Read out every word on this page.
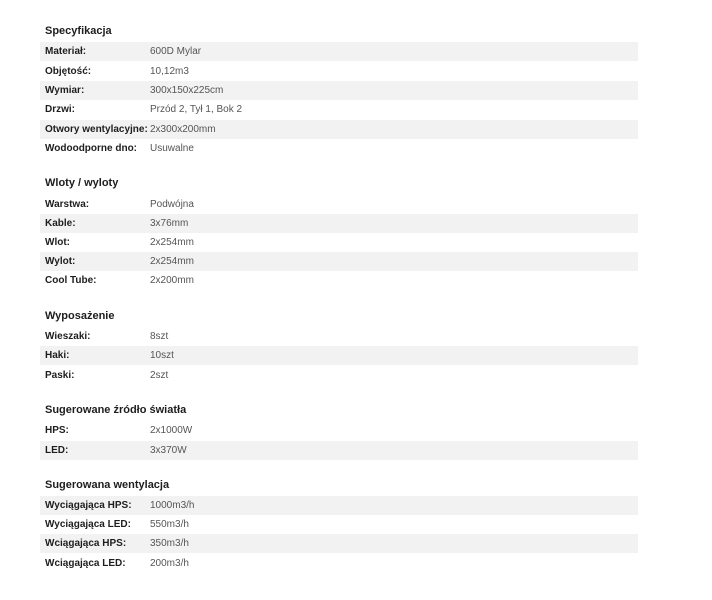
Specyfikacja
Materiał:	600D Mylar
Objętość:	10,12m3
Wymiar:	300x150x225cm
Drzwi:	Przód 2, Tył 1, Bok 2
Otwory wentylacyjne: 2x300x200mm
Wodoodporne dno: Usuwalne
Wloty / wyloty
Warstwa:	Podwójna
Kable:	3x76mm
Wlot:	2x254mm
Wylot:	2x254mm
Cool Tube:	2x200mm
Wyposażenie
Wieszaki:	8szt
Haki:	10szt
Paski:	2szt
Sugerowane źródło światła
HPS:	2x1000W
LED:	3x370W
Sugerowana wentylacja
Wyciągająca HPS: 1000m3/h
Wyciągająca LED: 550m3/h
Wciągająca HPS: 350m3/h
Wciągająca LED: 200m3/h
